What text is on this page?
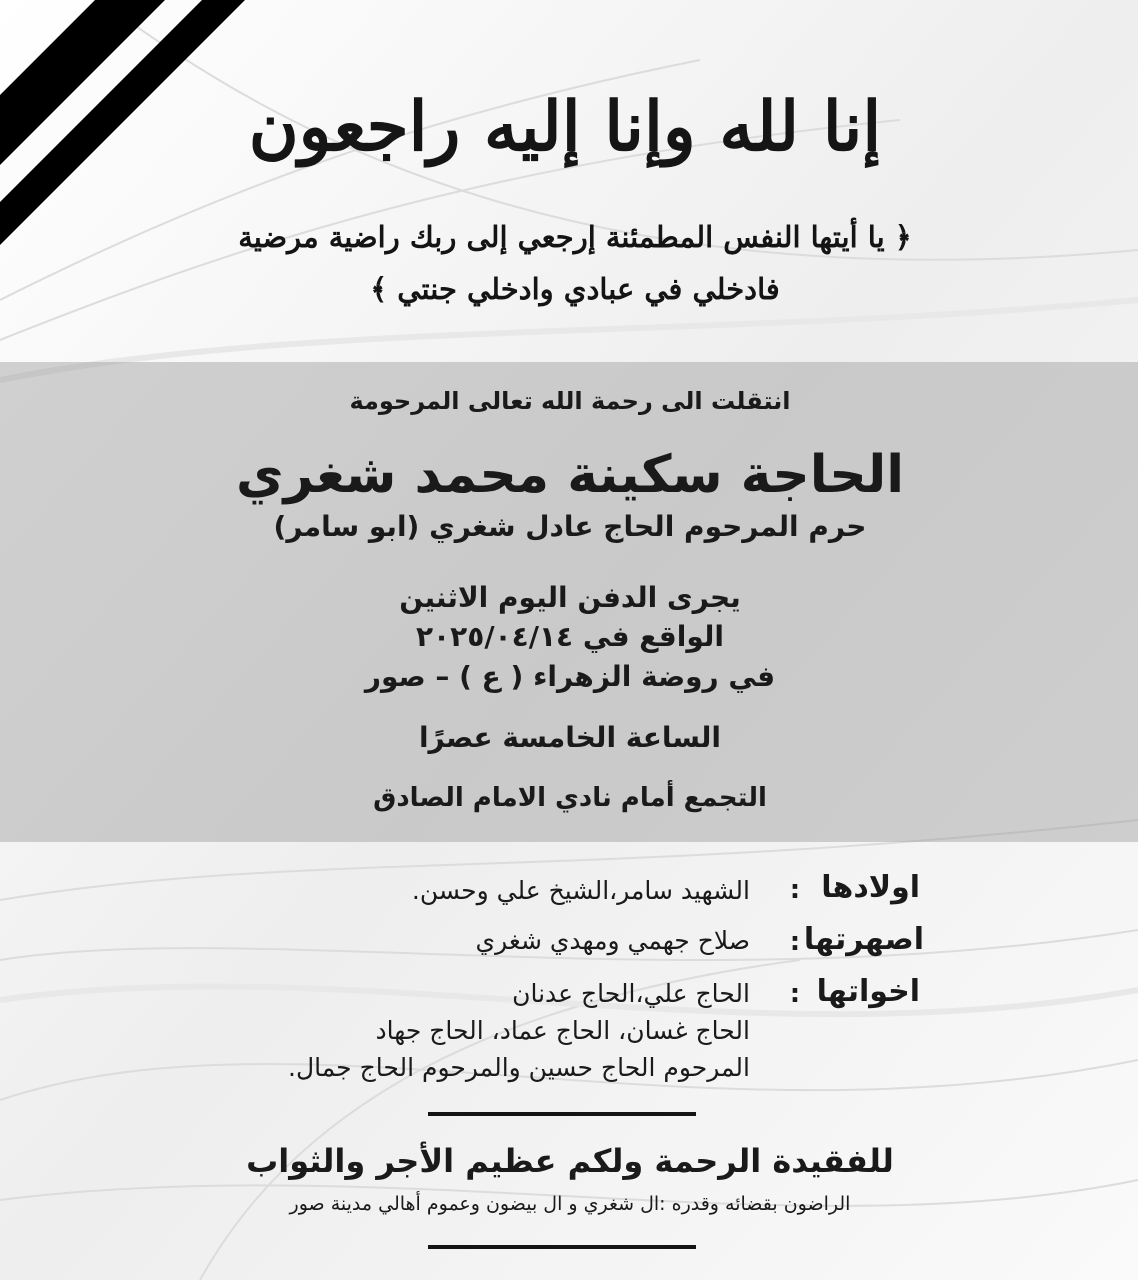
إنا لله وإنا إليه راجعون
﴿ يا أيتها النفس المطمئنة إرجعي إلى ربك راضية مرضية
فادخلي في عبادي وادخلي جنتي ﴾
انتقلت الى رحمة الله تعالى المرحومة
الحاجة سكينة محمد شغري
حرم المرحوم الحاج عادل شغري (ابو سامر)
يجرى الدفن اليوم الاثنين
الواقع في ٢٠٢٥/٠٤/١٤
في روضة الزهراء ( ع ) – صور
الساعة الخامسة عصرًا
التجمع أمام نادي الامام الصادق
اولادها
:
الشهيد سامر،الشيخ علي وحسن.
اصهرتها
:
صلاح جهمي ومهدي شغري
اخواتها
:
الحاج علي،الحاج عدنان
الحاج غسان، الحاج عماد، الحاج جهاد
المرحوم الحاج حسين والمرحوم الحاج جمال.
للفقيدة الرحمة ولكم عظيم الأجر والثواب
الراضون بقضائه وقدره :ال شغري و ال بيضون وعموم أهالي مدينة صور
